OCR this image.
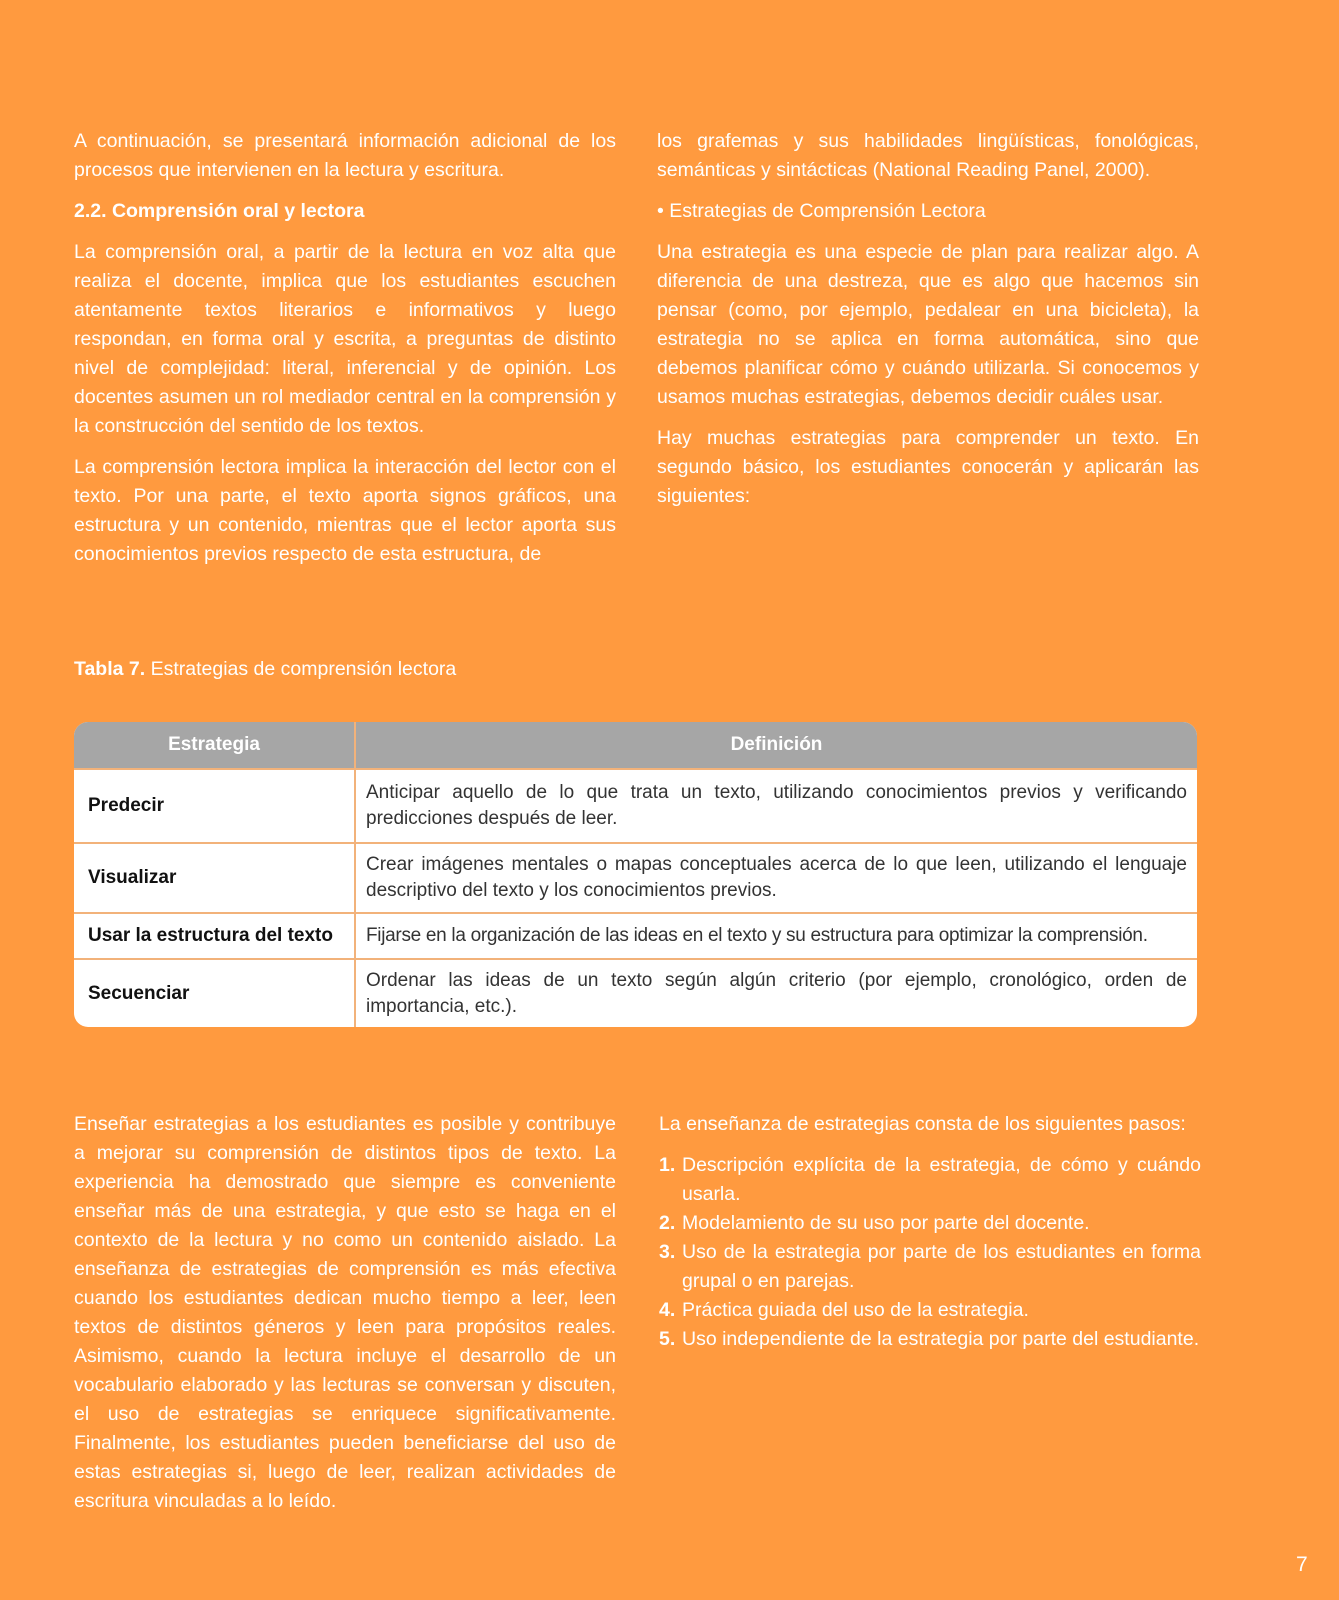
A continuación, se presentará información adicional de los procesos que intervienen en la lectura y escritura.

2.2. Comprensión oral y lectora

La comprensión oral, a partir de la lectura en voz alta que realiza el docente, implica que los estudiantes escuchen atentamente textos literarios e informativos y luego respondan, en forma oral y escrita, a preguntas de distinto nivel de complejidad: literal, inferencial y de opinión. Los docentes asumen un rol mediador central en la comprensión y la construcción del sentido de los textos.

La comprensión lectora implica la interacción del lector con el texto. Por una parte, el texto aporta signos gráficos, una estructura y un contenido, mientras que el lector aporta sus conocimientos previos respecto de esta estructura, de

los grafemas y sus habilidades lingüísticas, fonológicas, semánticas y sintácticas (National Reading Panel, 2000).

• Estrategias de Comprensión Lectora

Una estrategia es una especie de plan para realizar algo. A diferencia de una destreza, que es algo que hacemos sin pensar (como, por ejemplo, pedalear en una bicicleta), la estrategia no se aplica en forma automática, sino que debemos planificar cómo y cuándo utilizarla. Si conocemos y usamos muchas estrategias, debemos decidir cuáles usar.

Hay muchas estrategias para comprender un texto. En segundo básico, los estudiantes conocerán y aplicarán las siguientes:

Tabla 7. Estrategias de comprensión lectora
Estrategia	Definición
Predecir	Anticipar aquello de lo que trata un texto, utilizando conocimientos previos y verificando predicciones después de leer.
Visualizar	Crear imágenes mentales o mapas conceptuales acerca de lo que leen, utilizando el lenguaje descriptivo del texto y los conocimientos previos.
Usar la estructura del texto	Fijarse en la organización de las ideas en el texto y su estructura para optimizar la comprensión.
Secuenciar	Ordenar las ideas de un texto según algún criterio (por ejemplo, cronológico, orden de importancia, etc.).

Enseñar estrategias a los estudiantes es posible y contribuye a mejorar su comprensión de distintos tipos de texto. La experiencia ha demostrado que siempre es conveniente enseñar más de una estrategia, y que esto se haga en el contexto de la lectura y no como un contenido aislado. La enseñanza de estrategias de comprensión es más efectiva cuando los estudiantes dedican mucho tiempo a leer, leen textos de distintos géneros y leen para propósitos reales. Asimismo, cuando la lectura incluye el desarrollo de un vocabulario elaborado y las lecturas se conversan y discuten, el uso de estrategias se enriquece significativamente. Finalmente, los estudiantes pueden beneficiarse del uso de estas estrategias si, luego de leer, realizan actividades de escritura vinculadas a lo leído.

La enseñanza de estrategias consta de los siguientes pasos:

1. Descripción explícita de la estrategia, de cómo y cuándo usarla.
2. Modelamiento de su uso por parte del docente.
3. Uso de la estrategia por parte de los estudiantes en forma grupal o en parejas.
4. Práctica guiada del uso de la estrategia.
5. Uso independiente de la estrategia por parte del estudiante.
7
